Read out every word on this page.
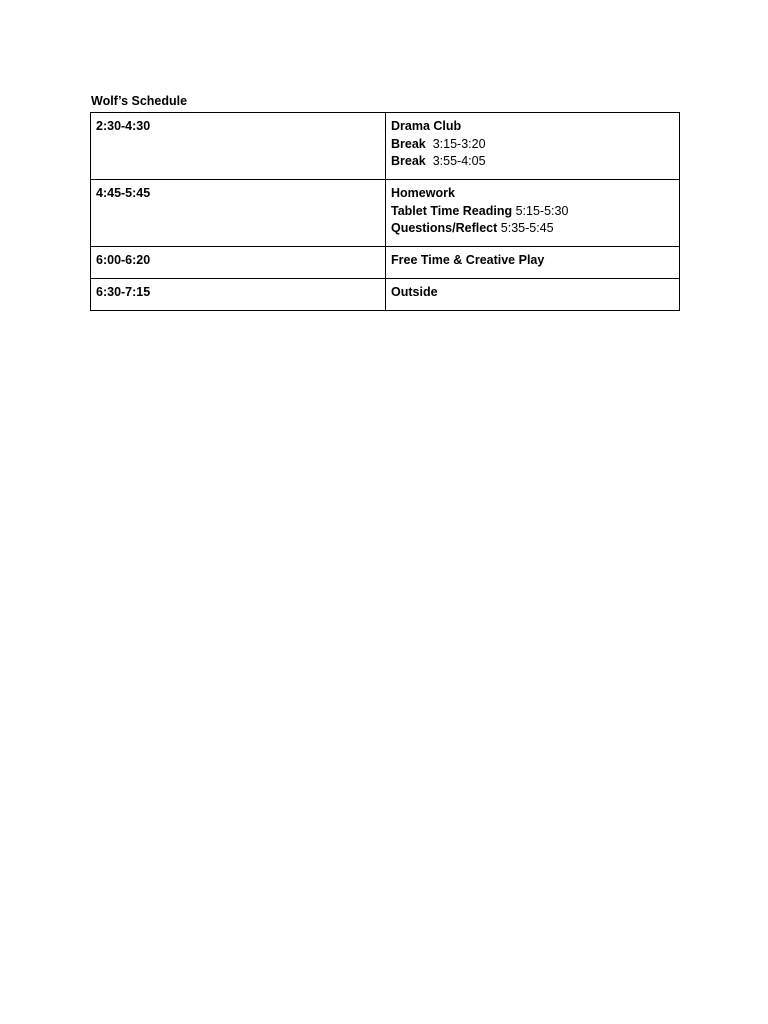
Wolf’s Schedule
2:30-4:30	Drama Club
Break 3:15-3:20
Break 3:55-4:05

4:45-5:45	Homework
Tablet Time Reading 5:15-5:30
Questions/Reflect 5:35-5:45

6:00-6:20	Free Time & Creative Play

6:30-7:15	Outside
